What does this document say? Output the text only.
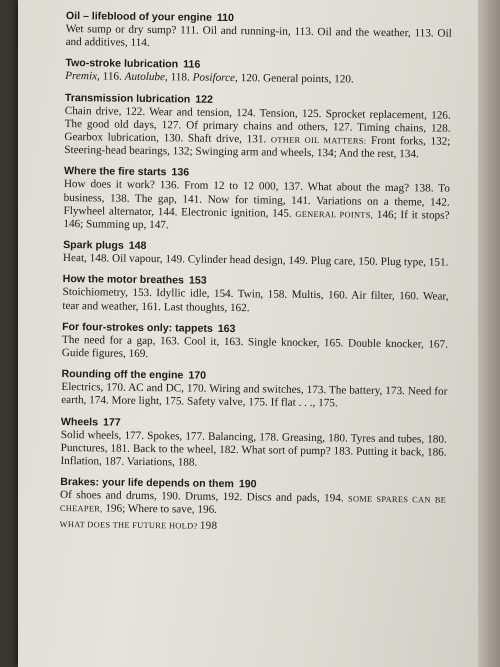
Oil – lifeblood of your engine 110
Wet sump or dry sump? 111. Oil and running-in, 113. Oil and the weather, 113. Oil and additives, 114.
Two-stroke lubrication 116
Premix, 116. Autolube, 118. Posiforce, 120. General points, 120.
Transmission lubrication 122
Chain drive, 122. Wear and tension, 124. Tension, 125. Sprocket replacement, 126. The good old days, 127. Of primary chains and others, 127. Timing chains, 128. Gearbox lubrication, 130. Shaft drive, 131. OTHER OIL MATTERS: Front forks, 132; Steering-head bearings, 132; Swinging arm and wheels, 134; And the rest, 134.
Where the fire starts 136
How does it work? 136. From 12 to 12 000, 137. What about the mag? 138. To business, 138. The gap, 141. Now for timing, 141. Variations on a theme, 142. Flywheel alternator, 144. Electronic ignition, 145. GENERAL POINTS, 146; If it stops? 146; Summing up, 147.
Spark plugs 148
Heat, 148. Oil vapour, 149. Cylinder head design, 149. Plug care, 150. Plug type, 151.
How the motor breathes 153
Stoichiometry, 153. Idyllic idle, 154. Twin, 158. Multis, 160. Air filter, 160. Wear, tear and weather, 161. Last thoughts, 162.
For four-strokes only: tappets 163
The need for a gap, 163. Cool it, 163. Single knocker, 165. Double knocker, 167. Guide figures, 169.
Rounding off the engine 170
Electrics, 170. AC and DC, 170. Wiring and switches, 173. The battery, 173. Need for earth, 174. More light, 175. Safety valve, 175. If flat . . ., 175.
Wheels 177
Solid wheels, 177. Spokes, 177. Balancing, 178. Greasing, 180. Tyres and tubes, 180. Punctures, 181. Back to the wheel, 182. What sort of pump? 183. Putting it back, 186. Inflation, 187. Variations, 188.
Brakes: your life depends on them 190
Of shoes and drums, 190. Drums, 192. Discs and pads, 194. SOME SPARES CAN BE CHEAPER, 196; Where to save, 196.
WHAT DOES THE FUTURE HOLD? 198
